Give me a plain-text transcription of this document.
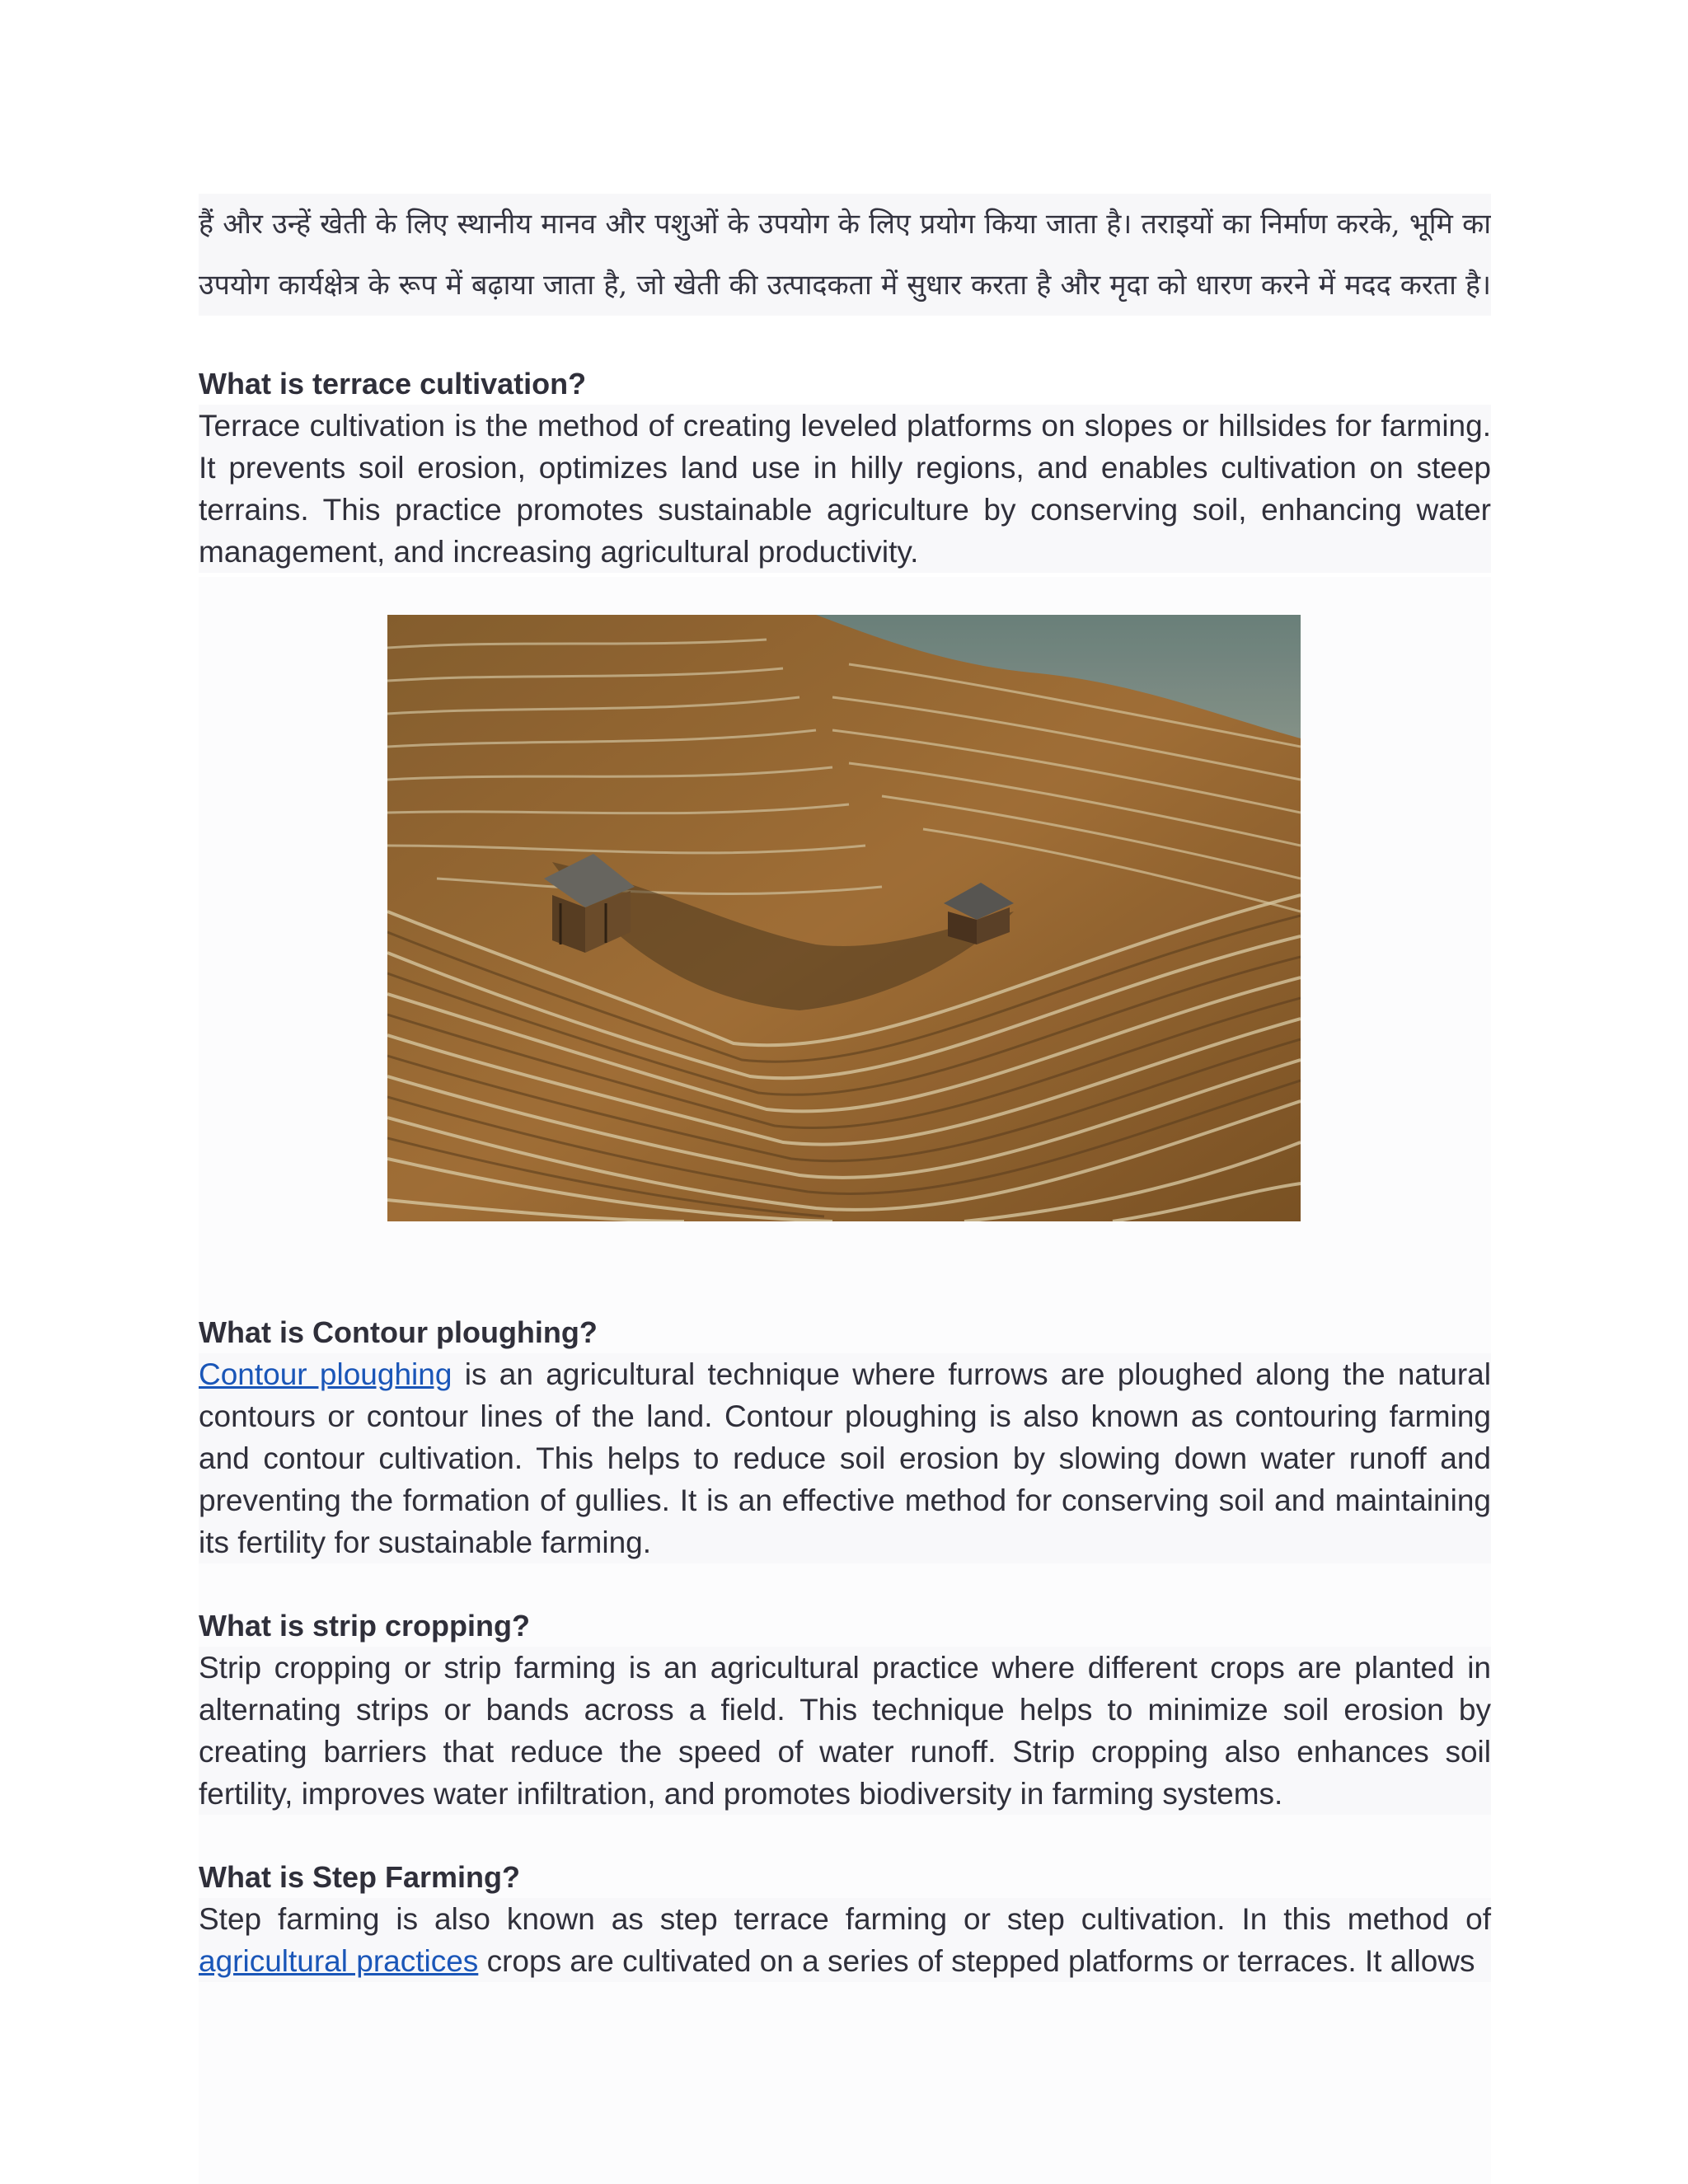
हैं और उन्हें खेती के लिए स्थानीय मानव और पशुओं के उपयोग के लिए प्रयोग किया जाता है। तराइयों का निर्माण करके, भूमि का
उपयोग कार्यक्षेत्र के रूप में बढ़ाया जाता है, जो खेती की उत्पादकता में सुधार करता है और मृदा को धारण करने में मदद करता है।
What is terrace cultivation?
Terrace cultivation is the method of creating leveled platforms on slopes or hillsides for farming. It prevents soil erosion, optimizes land use in hilly regions, and enables cultivation on steep terrains. This practice promotes sustainable agriculture by conserving soil, enhancing water management, and increasing agricultural productivity.
What is Contour ploughing?
Contour ploughing is an agricultural technique where furrows are ploughed along the natural contours or contour lines of the land. Contour ploughing is also known as contouring farming and contour cultivation. This helps to reduce soil erosion by slowing down water runoff and preventing the formation of gullies. It is an effective method for conserving soil and maintaining its fertility for sustainable farming.
What is strip cropping?
Strip cropping or strip farming is an agricultural practice where different crops are planted in alternating strips or bands across a field. This technique helps to minimize soil erosion by creating barriers that reduce the speed of water runoff. Strip cropping also enhances soil fertility, improves water infiltration, and promotes biodiversity in farming systems.
What is Step Farming?
Step farming is also known as step terrace farming or step cultivation. In this method of agricultural practices crops are cultivated on a series of stepped platforms or terraces. It allows
